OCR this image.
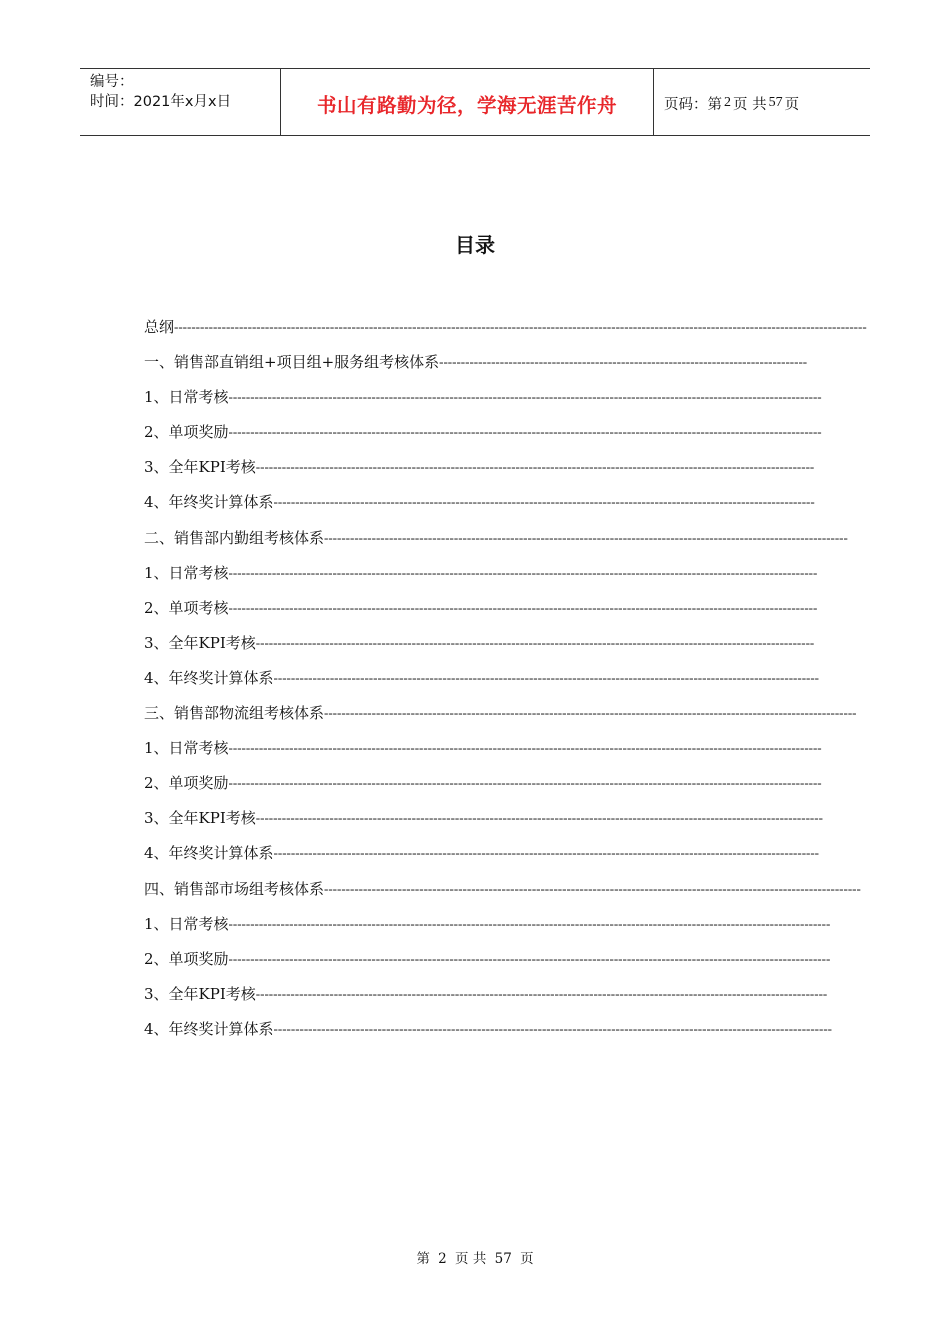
编号：
时间：2021年x月x日	书山有路勤为径，学海无涯苦作舟	页码：第 2 页 共 57 页
目录
总纲----------------------------------------------------------------------------------------------------------------------------------------------------------------
一、销售部直销组+项目组+服务组考核体系-------------------------------------------------------------------------------------
1、日常考核-----------------------------------------------------------------------------------------------------------------------------------------
2、单项奖励-----------------------------------------------------------------------------------------------------------------------------------------
3、全年KPI考核---------------------------------------------------------------------------------------------------------------------------------
4、年终奖计算体系-----------------------------------------------------------------------------------------------------------------------------
二、销售部内勤组考核体系-------------------------------------------------------------------------------------------------------------------------
1、日常考核----------------------------------------------------------------------------------------------------------------------------------------
2、单项考核----------------------------------------------------------------------------------------------------------------------------------------
3、全年KPI考核---------------------------------------------------------------------------------------------------------------------------------
4、年终奖计算体系------------------------------------------------------------------------------------------------------------------------------
三、销售部物流组考核体系---------------------------------------------------------------------------------------------------------------------------
1、日常考核-----------------------------------------------------------------------------------------------------------------------------------------
2、单项奖励-----------------------------------------------------------------------------------------------------------------------------------------
3、全年KPI考核-----------------------------------------------------------------------------------------------------------------------------------
4、年终奖计算体系------------------------------------------------------------------------------------------------------------------------------
四、销售部市场组考核体系----------------------------------------------------------------------------------------------------------------------------
1、日常考核-------------------------------------------------------------------------------------------------------------------------------------------
2、单项奖励-------------------------------------------------------------------------------------------------------------------------------------------
3、全年KPI考核------------------------------------------------------------------------------------------------------------------------------------
4、年终奖计算体系---------------------------------------------------------------------------------------------------------------------------------
第 2 页 共 57 页
